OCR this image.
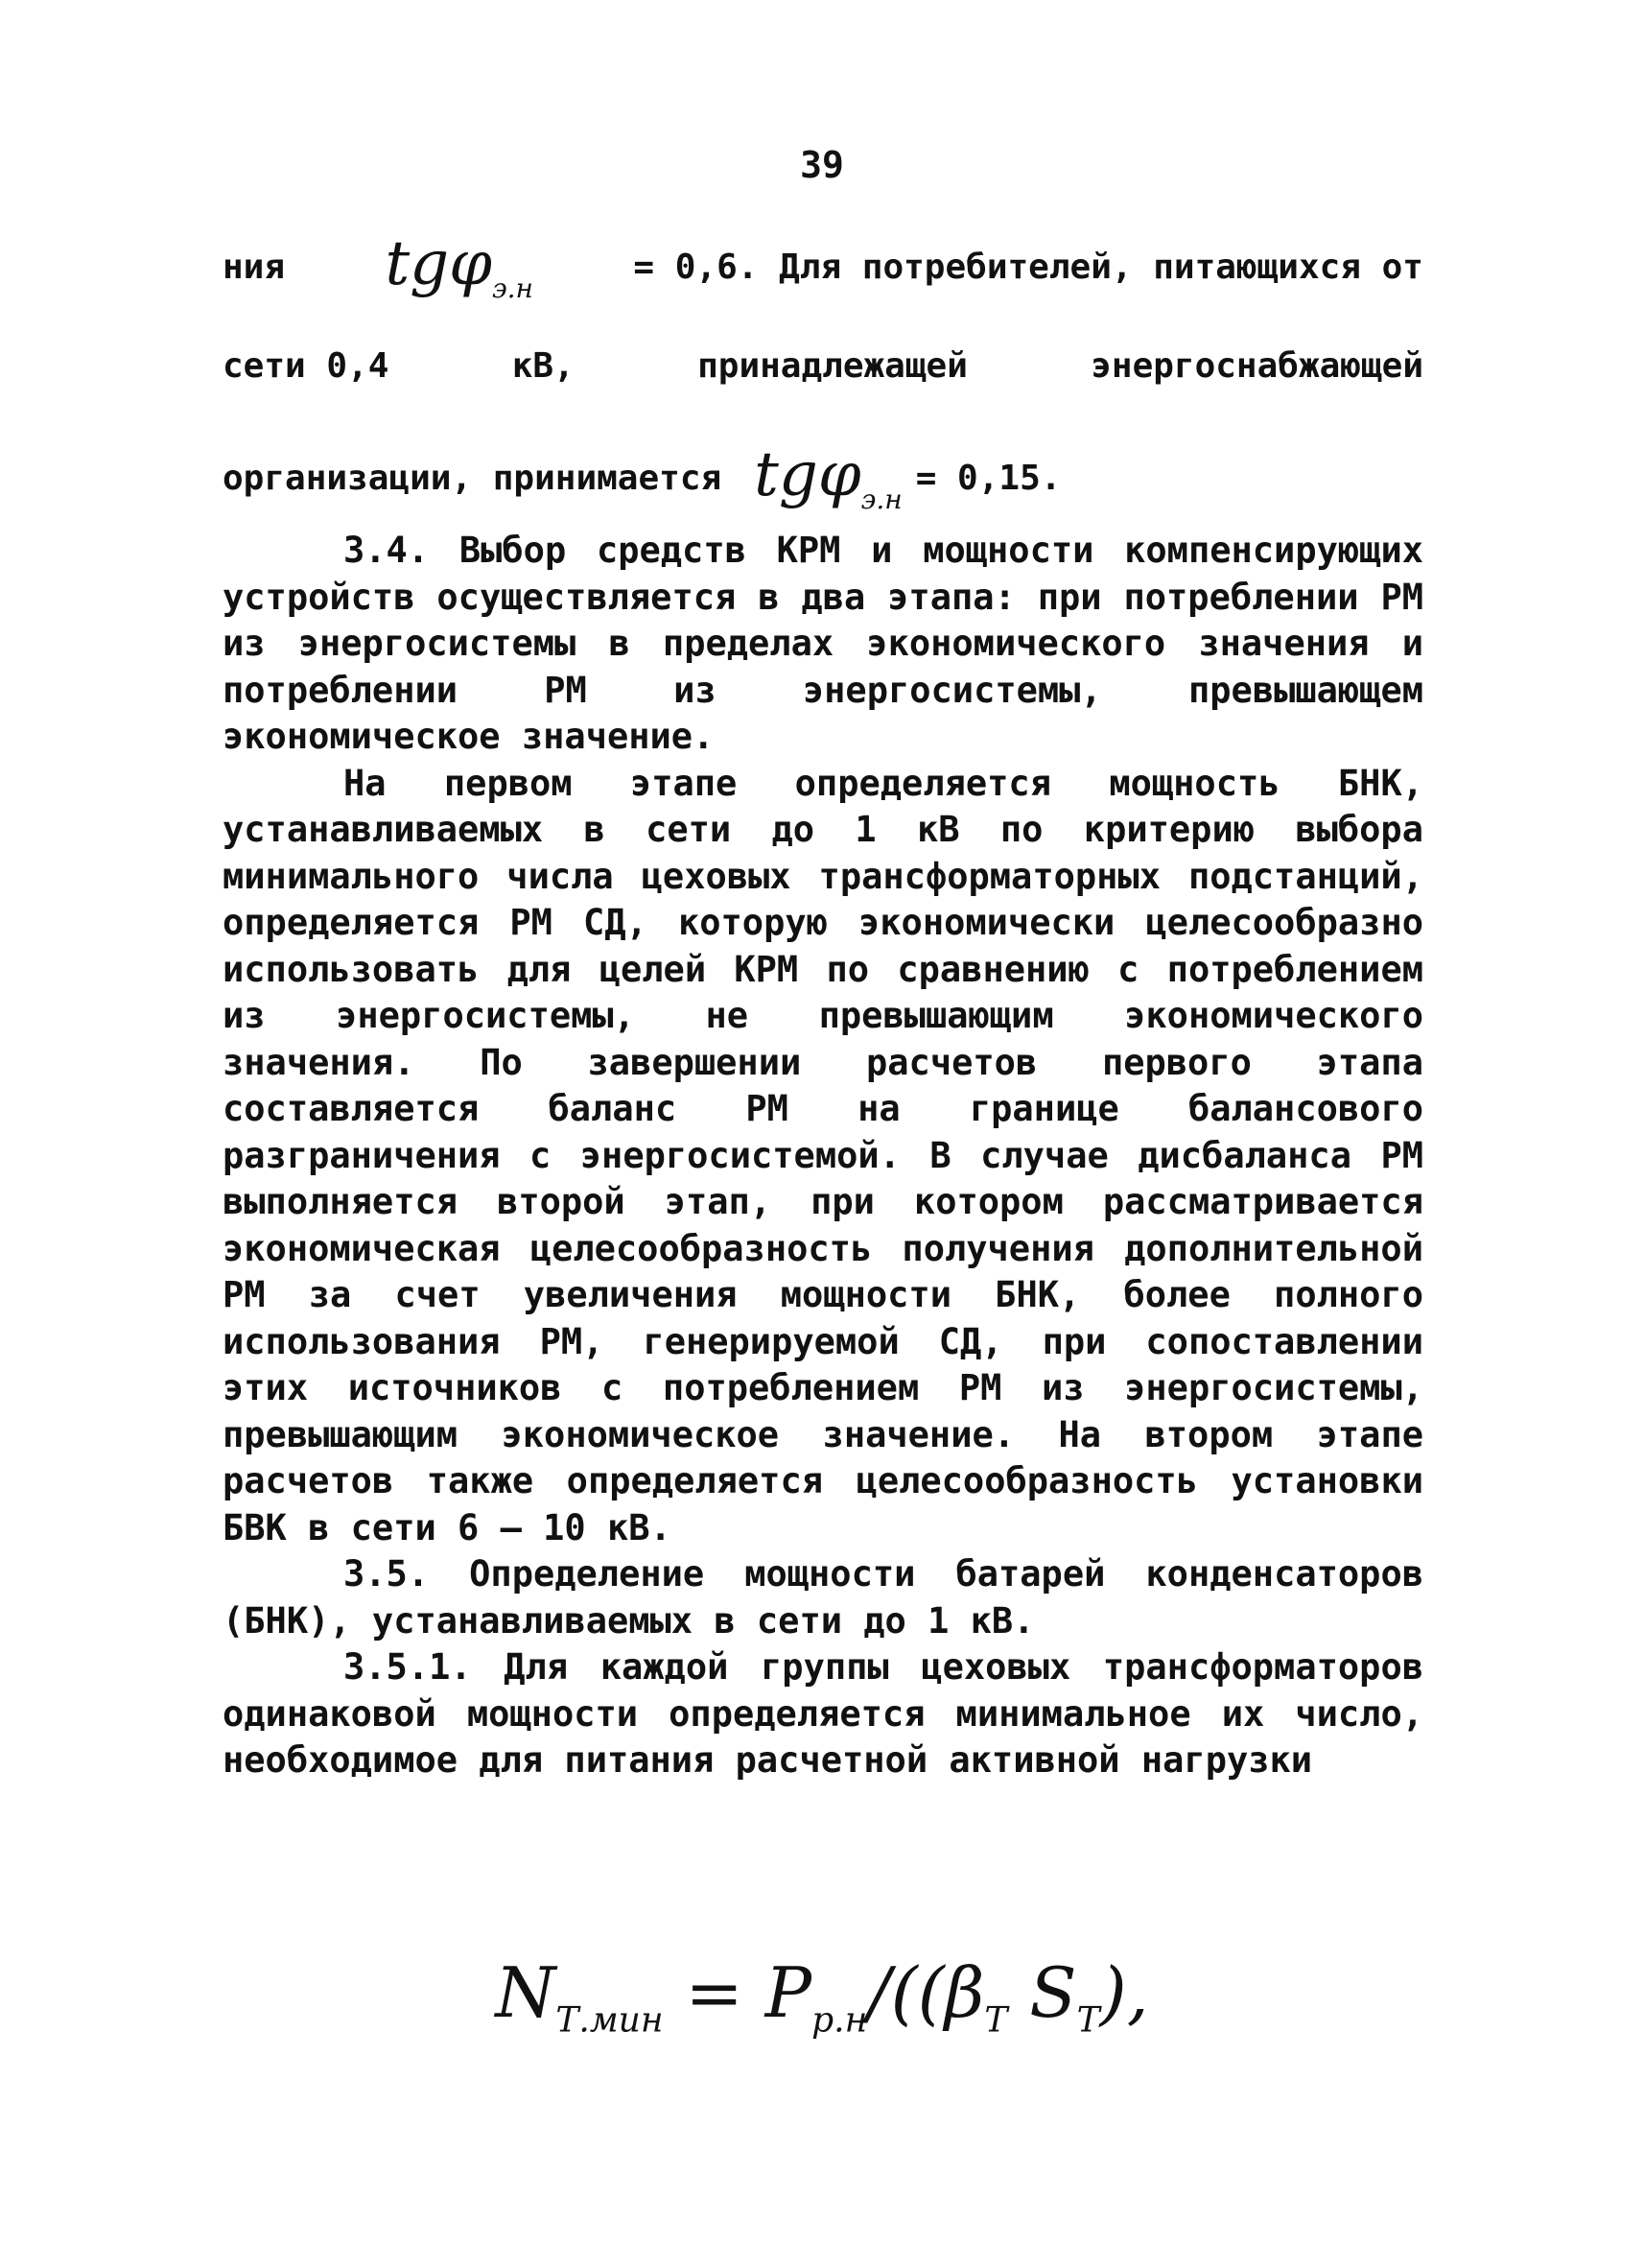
39
ния tgφ$_{э.н}$
= 0,6. Для потребителей, питающихся от
сети 0,4	кВ,	принадлежащей	энергоснабжающей
организации, принимается tgφ$_{э.н}$
= 0,15.

3.4. Выбор средств КРМ и мощности компенсирующих устройств осуществляется в два этапа: при потреблении РМ из энергосистемы в пределах экономического значения и потреблении РМ из энергосистемы, превышающем экономическое значение.

На первом этапе определяется мощность БНК, устанавливаемых в сети до 1 кВ по критерию выбора минимального числа цеховых трансформаторных подстанций, определяется РМ СД, которую экономически целесообразно использовать для целей КРМ по сравнению с потреблением из энергосистемы, не превышающим экономического значения. По завершении расчетов первого этапа составляется баланс РМ на границе балансового разграничения с энергосистемой. В случае дисбаланса РМ выполняется второй этап, при котором рассматривается экономическая целесообразность получения дополнительной РМ за счет увеличения мощности БНК, более полного использования РМ, генерируемой СД, при сопоставлении этих источников с потреблением РМ из энергосистемы, превышающим экономическое значение. На втором этапе расчетов также определяется целесообразность установки БВК в сети 6 – 10 кВ.

3.5. Определение мощности батарей конденсаторов (БНК), устанавливаемых в сети до 1 кВ.

3.5.1. Для каждой группы цеховых трансформаторов одинаковой мощности определяется минимальное их число, необходимое для питания расчетной активной нагрузки

$N_{Т.мин} = P_{р.н}/((\beta_Т$ $S_Т$),
